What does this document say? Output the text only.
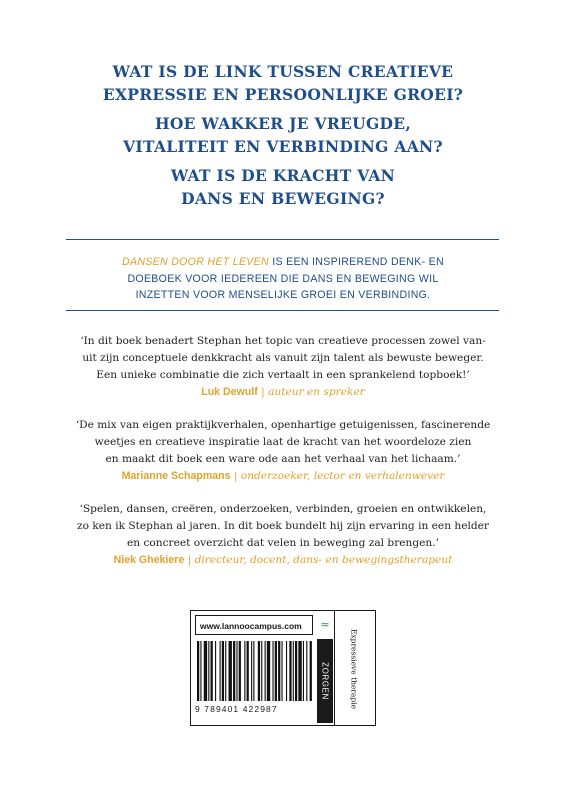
WAT IS DE LINK TUSSEN CREATIEVE
EXPRESSIE EN PERSOONLIJKE GROEI?
HOE WAKKER JE VREUGDE,
VITALITEIT EN VERBINDING AAN?
WAT IS DE KRACHT VAN
DANS EN BEWEGING?
DANSEN DOOR HET LEVEN IS EEN INSPIREREND DENK- EN
DOEBOEK VOOR IEDEREEN DIE DANS EN BEWEGING WIL
INZETTEN VOOR MENSELIJKE GROEI EN VERBINDING.
‘In dit boek benadert Stephan het topic van creatieve processen zowel van-
uit zijn conceptuele denkkracht als vanuit zijn talent als bewuste beweger.
Een unieke combinatie die zich vertaalt in een sprankelend topboek!’
Luk Dewulf | auteur en spreker
‘De mix van eigen praktijkverhalen, openhartige getuigenissen, fascinerende
weetjes en creatieve inspiratie laat de kracht van het woordeloze zien
en maakt dit boek een ware ode aan het verhaal van het lichaam.’
Marianne Schapmans | onderzoeker, lector en verhalenwever
‘Spelen, dansen, creëren, onderzoeken, verbinden, groeien en ontwikkelen,
zo ken ik Stephan al jaren. In dit boek bundelt hij zijn ervaring in een helder
en concreet overzicht dat velen in beweging zal brengen.’
Niek Ghekiere | directeur, docent, dans- en bewegingstherapeut
www.lannoocampus.com	≈
ZORGEN	Expressieve therapie
9 789401 422987
